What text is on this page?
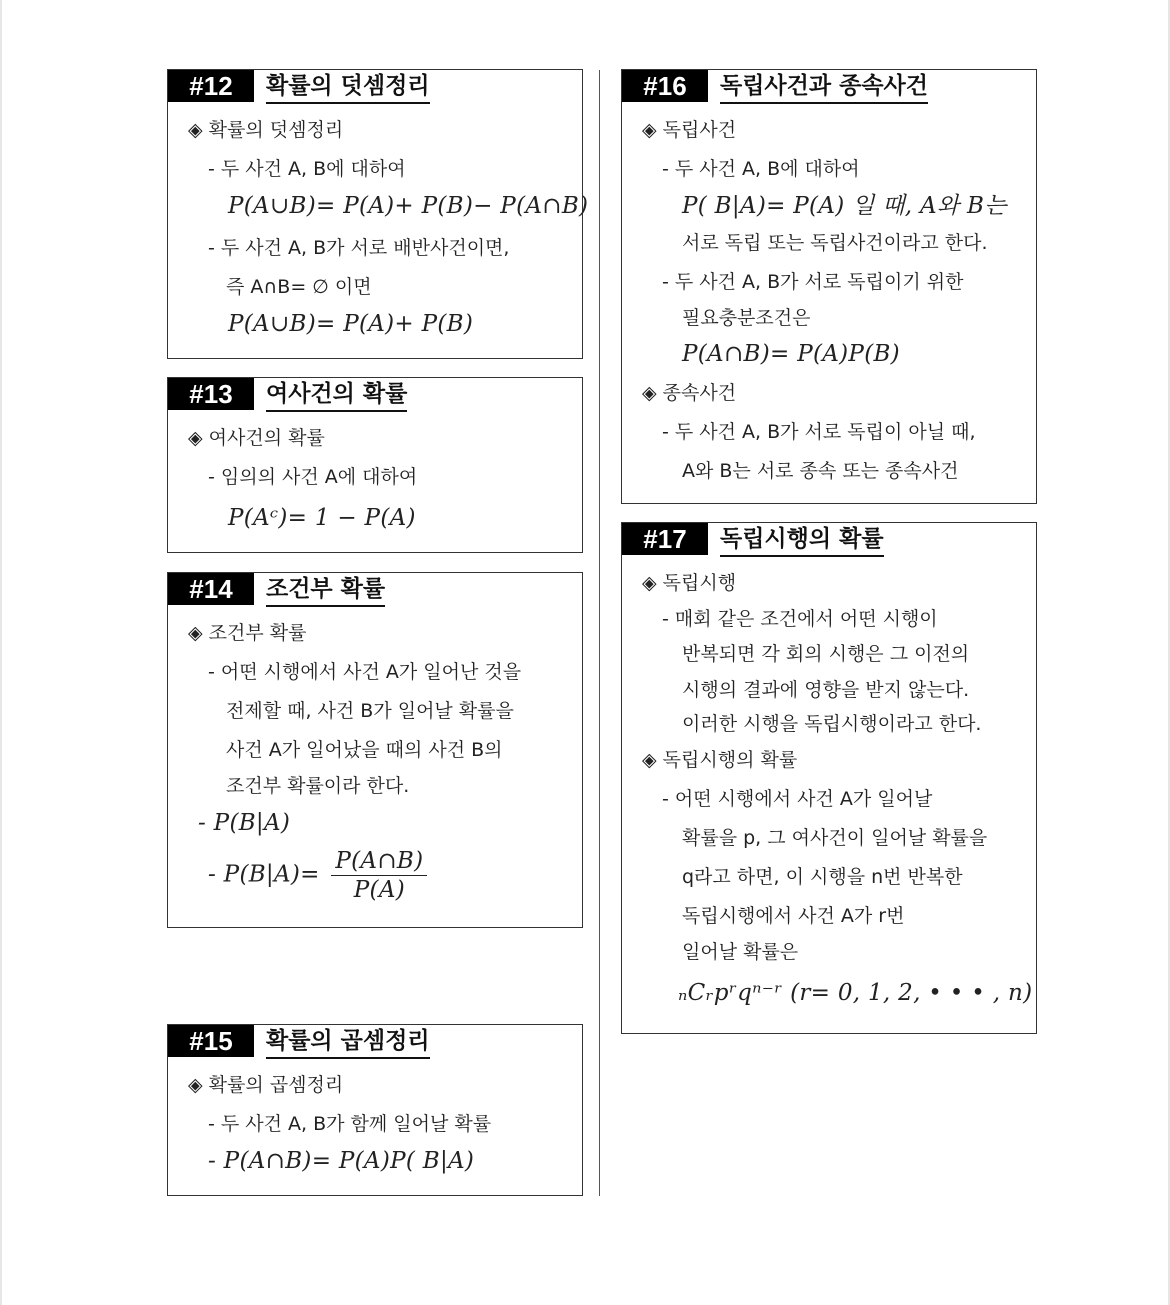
#12	확률의 덧셈정리
◈ 확률의 덧셈정리
- 두 사건 A, B에 대하여
P(A∪B)= P(A)+ P(B)− P(A∩B)
- 두 사건 A, B가 서로 배반사건이면,
즉 A∩B= ∅ 이면
P(A∪B)= P(A)+ P(B)
#13	여사건의 확률
◈ 여사건의 확률
- 임의의 사건 A에 대하여
P(Aᶜ)= 1 − P(A)
#14	조건부 확률
◈ 조건부 확률
- 어떤 시행에서 사건 A가 일어난 것을
전제할 때, 사건 B가 일어날 확률을
사건 A가 일어났을 때의 사건 B의
조건부 확률이라 한다.
- P(B|A)
- $P(B|A)= \frac{P(A\cap B)}{P(A)}$
#15	확률의 곱셈정리
◈ 확률의 곱셈정리
- 두 사건 A, B가 함께 일어날 확률
- P(A∩B)= P(A)P( B|A)
#16	독립사건과 종속사건
◈ 독립사건
- 두 사건 A, B에 대하여
P( B|A)= P(A) 일 때, A와 B는
서로 독립 또는 독립사건이라고 한다.
- 두 사건 A, B가 서로 독립이기 위한
필요충분조건은
P(A∩B)= P(A)P(B)
◈ 종속사건
- 두 사건 A, B가 서로 독립이 아닐 때,
A와 B는 서로 종속 또는 종속사건
#17	독립시행의 확률
◈ 독립시행
- 매회 같은 조건에서 어떤 시행이
반복되면 각 회의 시행은 그 이전의
시행의 결과에 영향을 받지 않는다.
이러한 시행을 독립시행이라고 한다.
◈ 독립시행의 확률
- 어떤 시행에서 사건 A가 일어날
확률을 p, 그 여사건이 일어날 확률을
q라고 하면, 이 시행을 n번 반복한
독립시행에서 사건 A가 r번
일어날 확률은
ₙCᵣpʳqⁿ⁻ʳ (r= 0, 1, 2, • • • , n)
